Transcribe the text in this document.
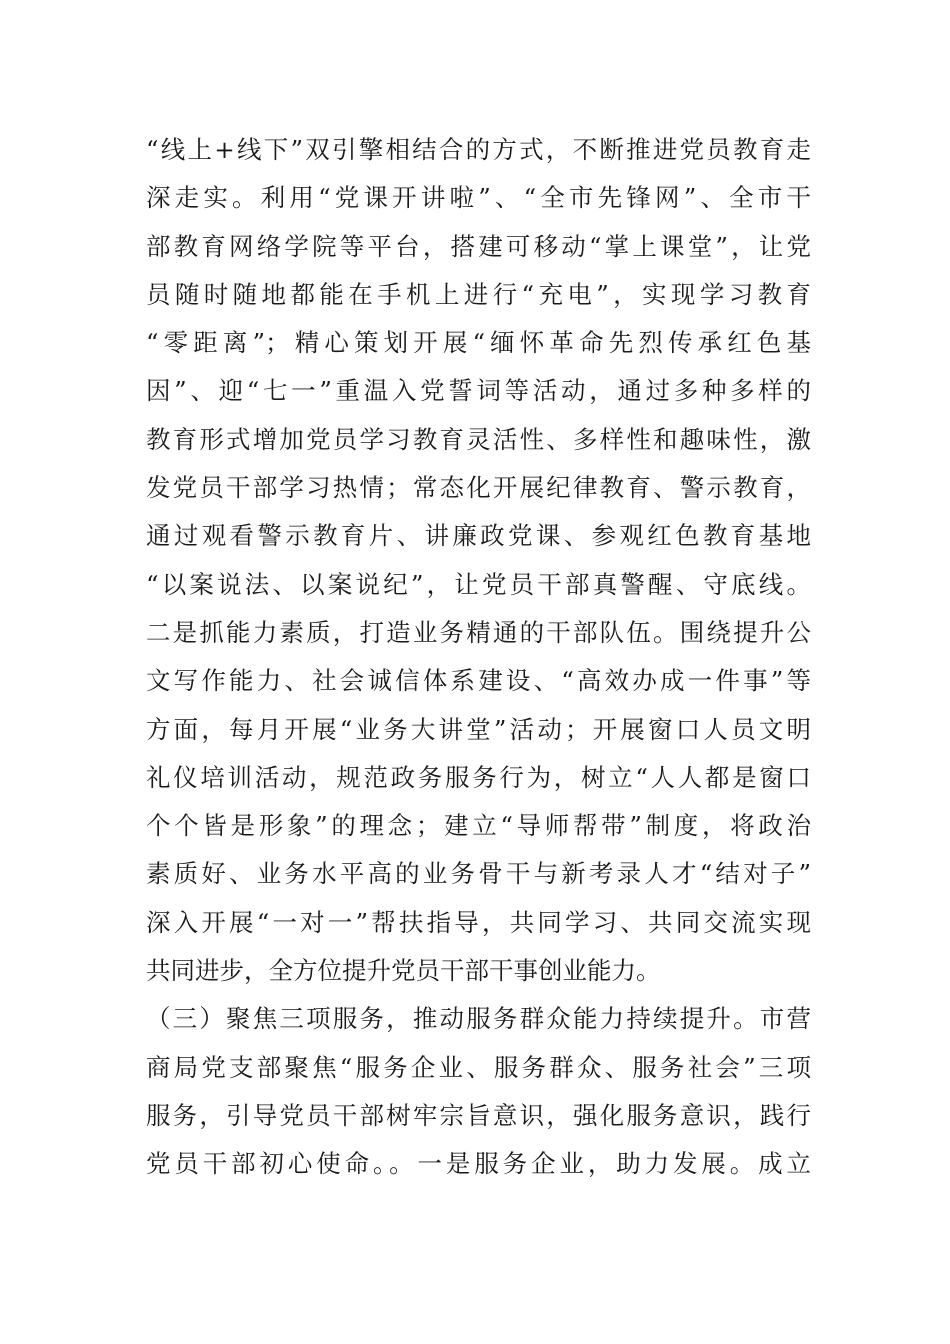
“线上+线下”双引擎相结合的方式，不断推进党员教育走
深走实。利用“党课开讲啦”、“全市先锋网”、全市干
部教育网络学院等平台，搭建可移动“掌上课堂”，让党
员随时随地都能在手机上进行“充电”，实现学习教育
“零距离”；精心策划开展“缅怀革命先烈传承红色基
因”、迎“七一”重温入党誓词等活动，通过多种多样的
教育形式增加党员学习教育灵活性、多样性和趣味性，激
发党员干部学习热情；常态化开展纪律教育、警示教育，
通过观看警示教育片、讲廉政党课、参观红色教育基地
“以案说法、以案说纪”，让党员干部真警醒、守底线。
二是抓能力素质，打造业务精通的干部队伍。围绕提升公
文写作能力、社会诚信体系建设、“高效办成一件事”等
方面，每月开展“业务大讲堂”活动；开展窗口人员文明
礼仪培训活动，规范政务服务行为，树立“人人都是窗口
个个皆是形象”的理念；建立“导师帮带”制度，将政治
素质好、业务水平高的业务骨干与新考录人才“结对子”
深入开展“一对一”帮扶指导，共同学习、共同交流实现
共同进步，全方位提升党员干部干事创业能力。
（三）聚焦三项服务，推动服务群众能力持续提升。市营
商局党支部聚焦“服务企业、服务群众、服务社会”三项
服务，引导党员干部树牢宗旨意识，强化服务意识，践行
党员干部初心使命。。一是服务企业，助力发展。成立
